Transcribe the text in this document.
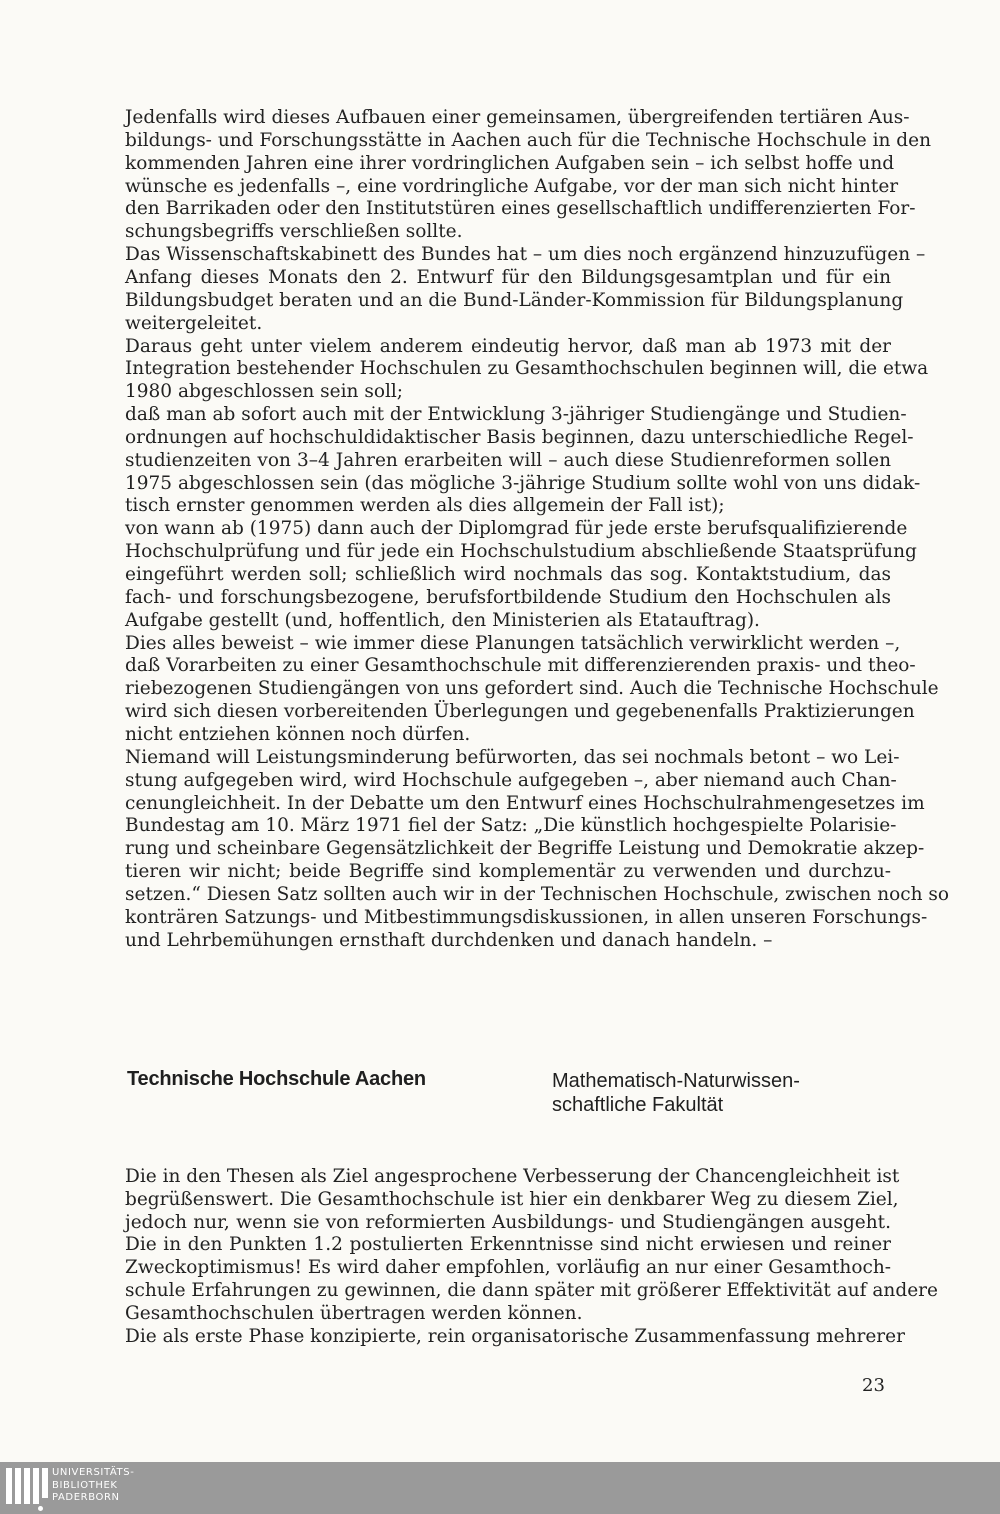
Jedenfalls wird dieses Aufbauen einer gemeinsamen, übergreifenden tertiären Aus-
bildungs- und Forschungsstätte in Aachen auch für die Technische Hochschule in den
kommenden Jahren eine ihrer vordringlichen Aufgaben sein – ich selbst hoffe und
wünsche es jedenfalls –, eine vordringliche Aufgabe, vor der man sich nicht hinter
den Barrikaden oder den Institutstüren eines gesellschaftlich undifferenzierten For-
schungsbegriffs verschließen sollte.
Das Wissenschaftskabinett des Bundes hat – um dies noch ergänzend hinzuzufügen –
Anfang dieses Monats den 2. Entwurf für den Bildungsgesamtplan und für ein
Bildungsbudget beraten und an die Bund-Länder-Kommission für Bildungsplanung
weitergeleitet.
Daraus geht unter vielem anderem eindeutig hervor, daß man ab 1973 mit der
Integration bestehender Hochschulen zu Gesamthochschulen beginnen will, die etwa
1980 abgeschlossen sein soll;
daß man ab sofort auch mit der Entwicklung 3-jähriger Studiengänge und Studien-
ordnungen auf hochschuldidaktischer Basis beginnen, dazu unterschiedliche Regel-
studienzeiten von 3–4 Jahren erarbeiten will – auch diese Studienreformen sollen
1975 abgeschlossen sein (das mögliche 3-jährige Studium sollte wohl von uns didak-
tisch ernster genommen werden als dies allgemein der Fall ist);
von wann ab (1975) dann auch der Diplomgrad für jede erste berufsqualifizierende
Hochschulprüfung und für jede ein Hochschulstudium abschließende Staatsprüfung
eingeführt werden soll; schließlich wird nochmals das sog. Kontaktstudium, das
fach- und forschungsbezogene, berufsfortbildende Studium den Hochschulen als
Aufgabe gestellt (und, hoffentlich, den Ministerien als Etatauftrag).
Dies alles beweist – wie immer diese Planungen tatsächlich verwirklicht werden –,
daß Vorarbeiten zu einer Gesamthochschule mit differenzierenden praxis- und theo-
riebezogenen Studiengängen von uns gefordert sind. Auch die Technische Hochschule
wird sich diesen vorbereitenden Überlegungen und gegebenenfalls Praktizierungen
nicht entziehen können noch dürfen.
Niemand will Leistungsminderung befürworten, das sei nochmals betont – wo Lei-
stung aufgegeben wird, wird Hochschule aufgegeben –, aber niemand auch Chan-
cenungleichheit. In der Debatte um den Entwurf eines Hochschulrahmengesetzes im
Bundestag am 10. März 1971 fiel der Satz: „Die künstlich hochgespielte Polarisie-
rung und scheinbare Gegensätzlichkeit der Begriffe Leistung und Demokratie akzep-
tieren wir nicht; beide Begriffe sind komplementär zu verwenden und durchzu-
setzen.“ Diesen Satz sollten auch wir in der Technischen Hochschule, zwischen noch so
konträren Satzungs- und Mitbestimmungsdiskussionen, in allen unseren Forschungs-
und Lehrbemühungen ernsthaft durchdenken und danach handeln. –
Technische Hochschule Aachen	Mathematisch-Naturwissen-
schaftliche Fakultät
Die in den Thesen als Ziel angesprochene Verbesserung der Chancengleichheit ist
begrüßenswert. Die Gesamthochschule ist hier ein denkbarer Weg zu diesem Ziel,
jedoch nur, wenn sie von reformierten Ausbildungs- und Studiengängen ausgeht.
Die in den Punkten 1.2 postulierten Erkenntnisse sind nicht erwiesen und reiner
Zweckoptimismus! Es wird daher empfohlen, vorläufig an nur einer Gesamthoch-
schule Erfahrungen zu gewinnen, die dann später mit größerer Effektivität auf andere
Gesamthochschulen übertragen werden können.
Die als erste Phase konzipierte, rein organisatorische Zusammenfassung mehrerer
23
UNIVERSITÄTS-
BIBLIOTHEK
PADERBORN
